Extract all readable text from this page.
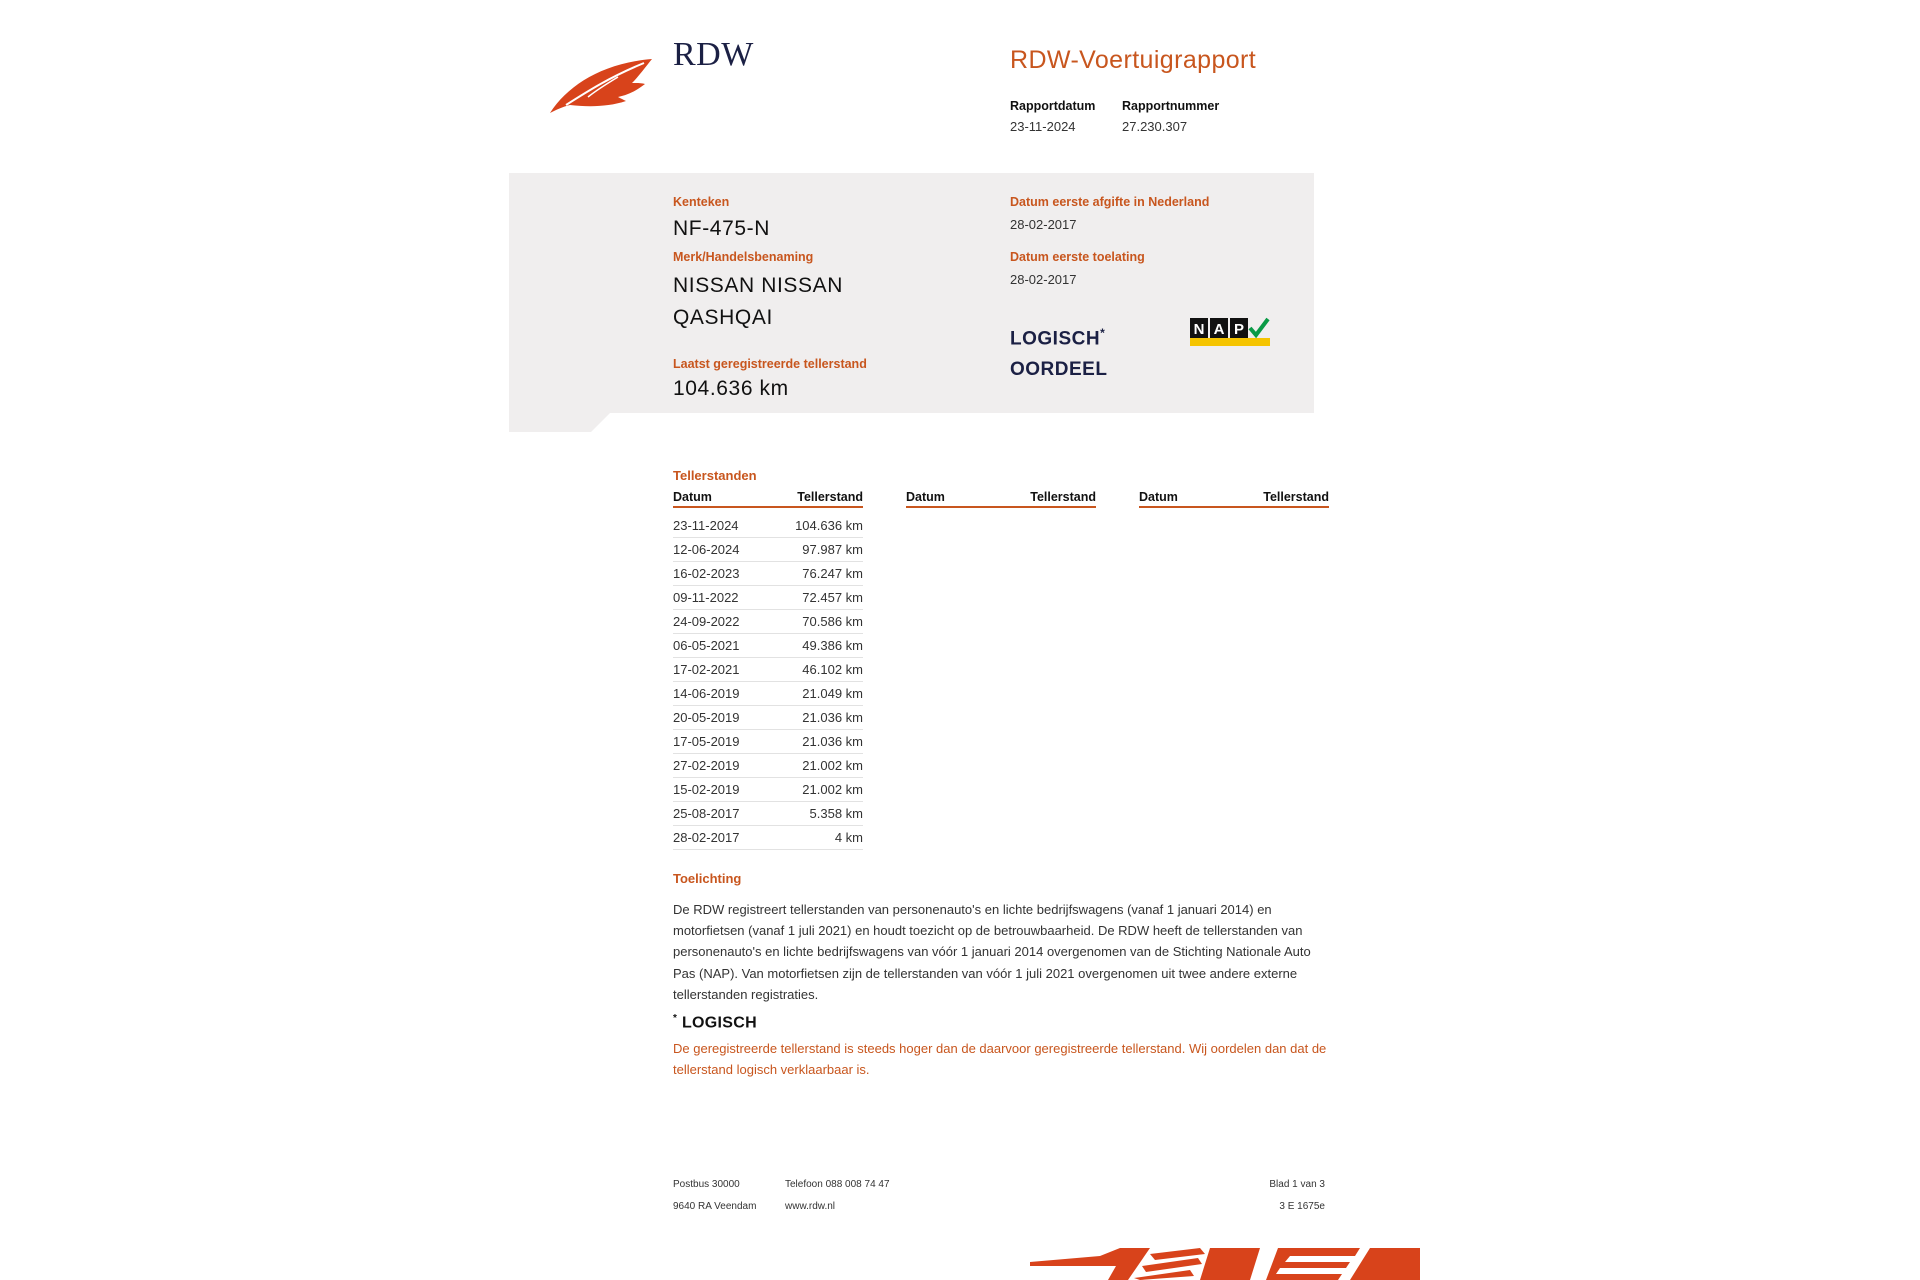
RDW	RDW-Voertuigrapport
Rapportdatum
23-11-2024
Rapportnummer
27.230.307
Kenteken
NF-475-N
Merk/Handelsbenaming
NISSAN NISSAN
QASHQAI
Laatst geregistreerde tellerstand
104.636 km
Datum eerste afgifte in Nederland
28-02-2017
Datum eerste toelating
28-02-2017
LOGISCH*
OORDEEL
N A P
Tellerstanden
Datum	Tellerstand
23-11-2024	104.636 km
12-06-2024	97.987 km
16-02-2023	76.247 km
09-11-2022	72.457 km
24-09-2022	70.586 km
06-05-2021	49.386 km
17-02-2021	46.102 km
14-06-2019	21.049 km
20-05-2019	21.036 km
17-05-2019	21.036 km
27-02-2019	21.002 km
15-02-2019	21.002 km
25-08-2017	5.358 km
28-02-2017	4 km
Datum	Tellerstand	Datum	Tellerstand
Toelichting
De RDW registreert tellerstanden van personenauto's en lichte bedrijfswagens (vanaf 1 januari 2014) en motorfietsen (vanaf 1 juli 2021) en houdt toezicht op de betrouwbaarheid. De RDW heeft de tellerstanden van personenauto's en lichte bedrijfswagens van vóór 1 januari 2014 overgenomen van de Stichting Nationale Auto Pas (NAP). Van motorfietsen zijn de tellerstanden van vóór 1 juli 2021 overgenomen uit twee andere externe tellerstanden registraties.
* LOGISCH
De geregistreerde tellerstand is steeds hoger dan de daarvoor geregistreerde tellerstand. Wij oordelen dan dat de tellerstand logisch verklaarbaar is.
Postbus 30000
9640 RA Veendam
Telefoon 088 008 74 47
www.rdw.nl
Blad 1 van 3
3 E 1675e
